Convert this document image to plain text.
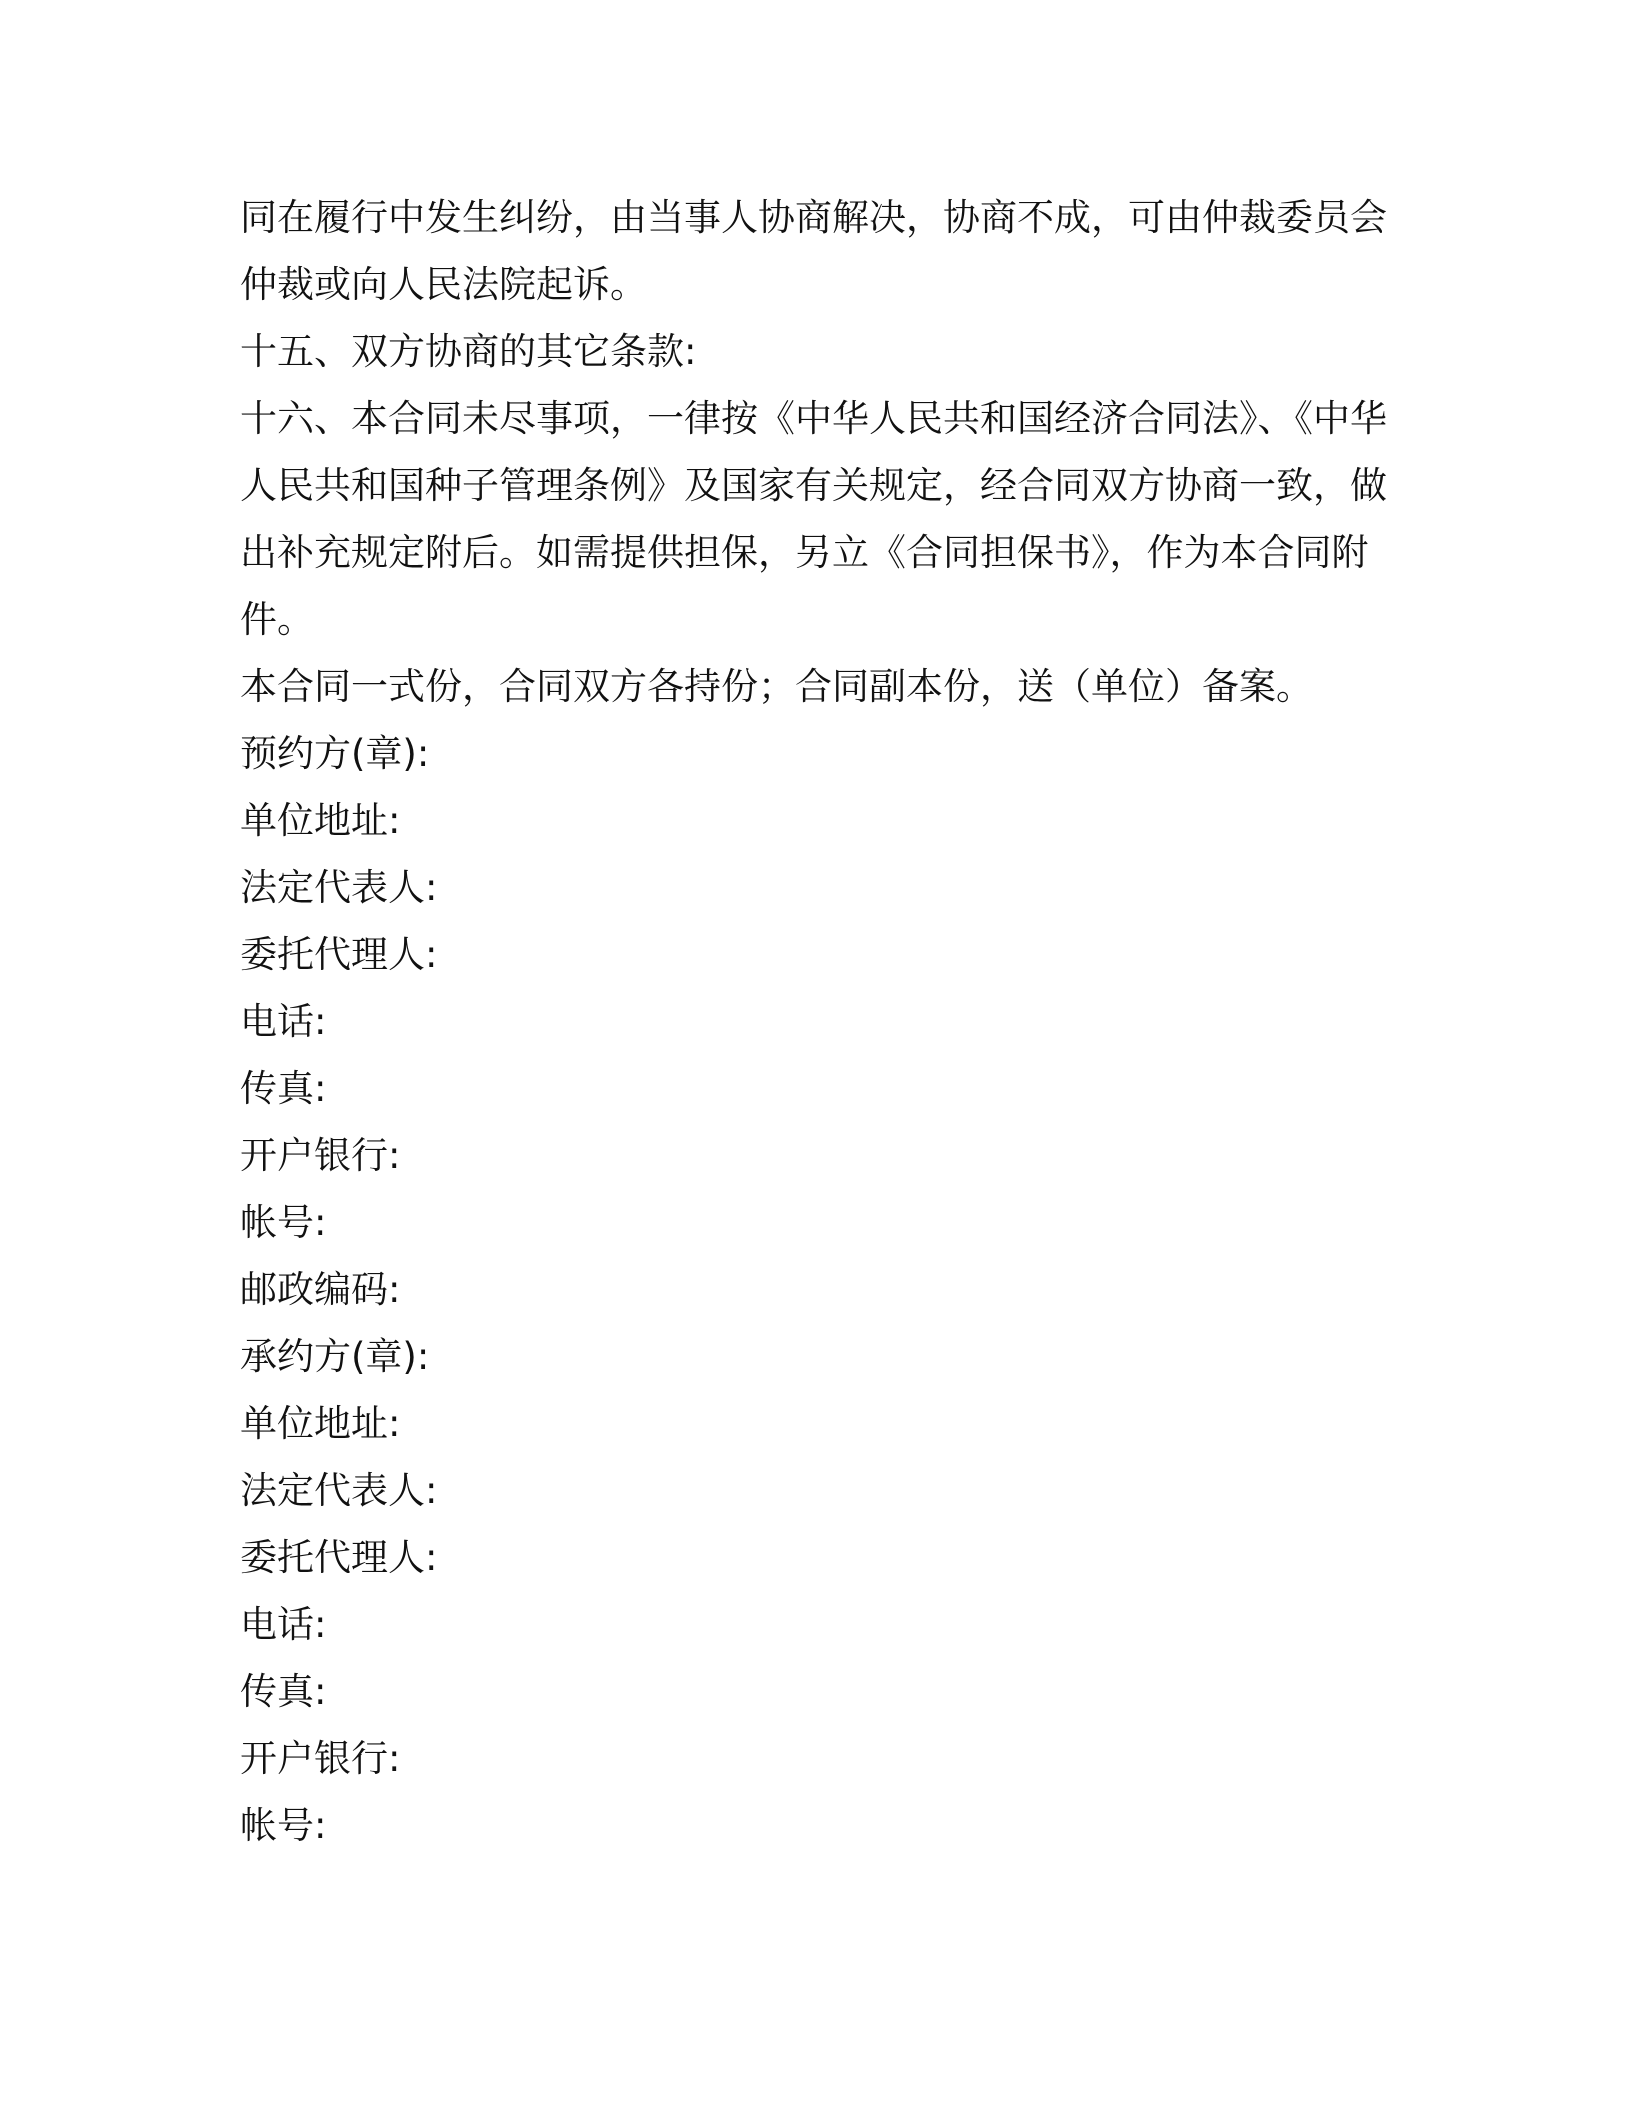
同在履行中发生纠纷，由当事人协商解决，协商不成，可由仲裁委员会仲裁或向人民法院起诉。

十五、双方协商的其它条款:

十六、本合同未尽事项，一律按《中华人民共和国经济合同法》、《中华人民共和国种子管理条例》及国家有关规定，经合同双方协商一致，做出补充规定附后。如需提供担保，另立《合同担保书》，作为本合同附件。

本合同一式份，合同双方各持份；合同副本份，送（单位）备案。

预约方(章):

单位地址:

法定代表人:

委托代理人:

电话:

传真:

开户银行:

帐号:

邮政编码:

承约方(章):

单位地址:

法定代表人:

委托代理人:

电话:

传真:

开户银行:

帐号:
